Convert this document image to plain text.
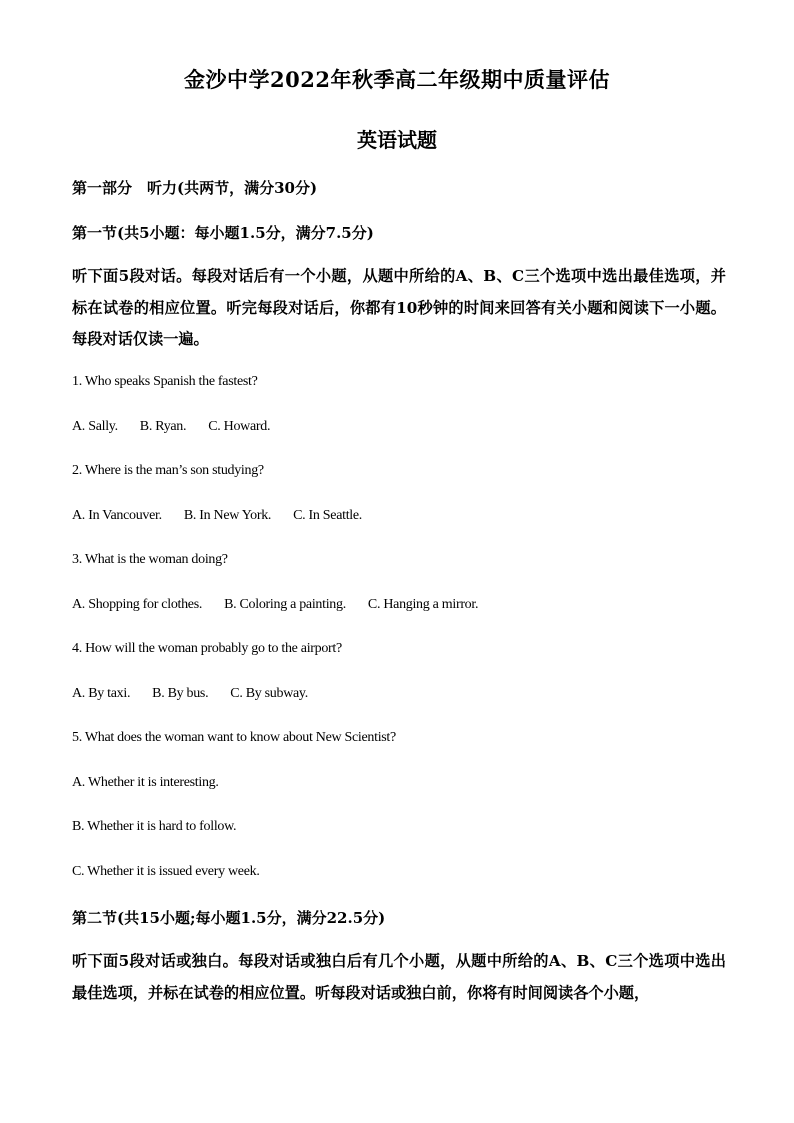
金沙中学2022年秋季高二年级期中质量评估
英语试题
第一部分　听力(共两节，满分30分)
第一节(共5小题：每小题1.5分，满分7.5分)
听下面5段对话。每段对话后有一个小题，从题中所给的A、B、C三个选项中选出最佳选项，并标在试卷的相应位置。听完每段对话后，你都有10秒钟的时间来回答有关小题和阅读下一小题。每段对话仅读一遍。
1. Who speaks Spanish the fastest?
A. Sally. B. Ryan. C. Howard.
2. Where is the man’s son studying?
A. In Vancouver. B. In New York. C. In Seattle.
3. What is the woman doing?
A. Shopping for clothes. B. Coloring a painting. C. Hanging a mirror.
4. How will the woman probably go to the airport?
A. By taxi. B. By bus. C. By subway.
5. What does the woman want to know about New Scientist?
A. Whether it is interesting.
B. Whether it is hard to follow.
C. Whether it is issued every week.
第二节(共15小题;每小题1.5分，满分22.5分)
听下面5段对话或独白。每段对话或独白后有几个小题，从题中所给的A、B、C三个选项中选出最佳选项，并标在试卷的相应位置。听每段对话或独白前，你将有时间阅读各个小题，
